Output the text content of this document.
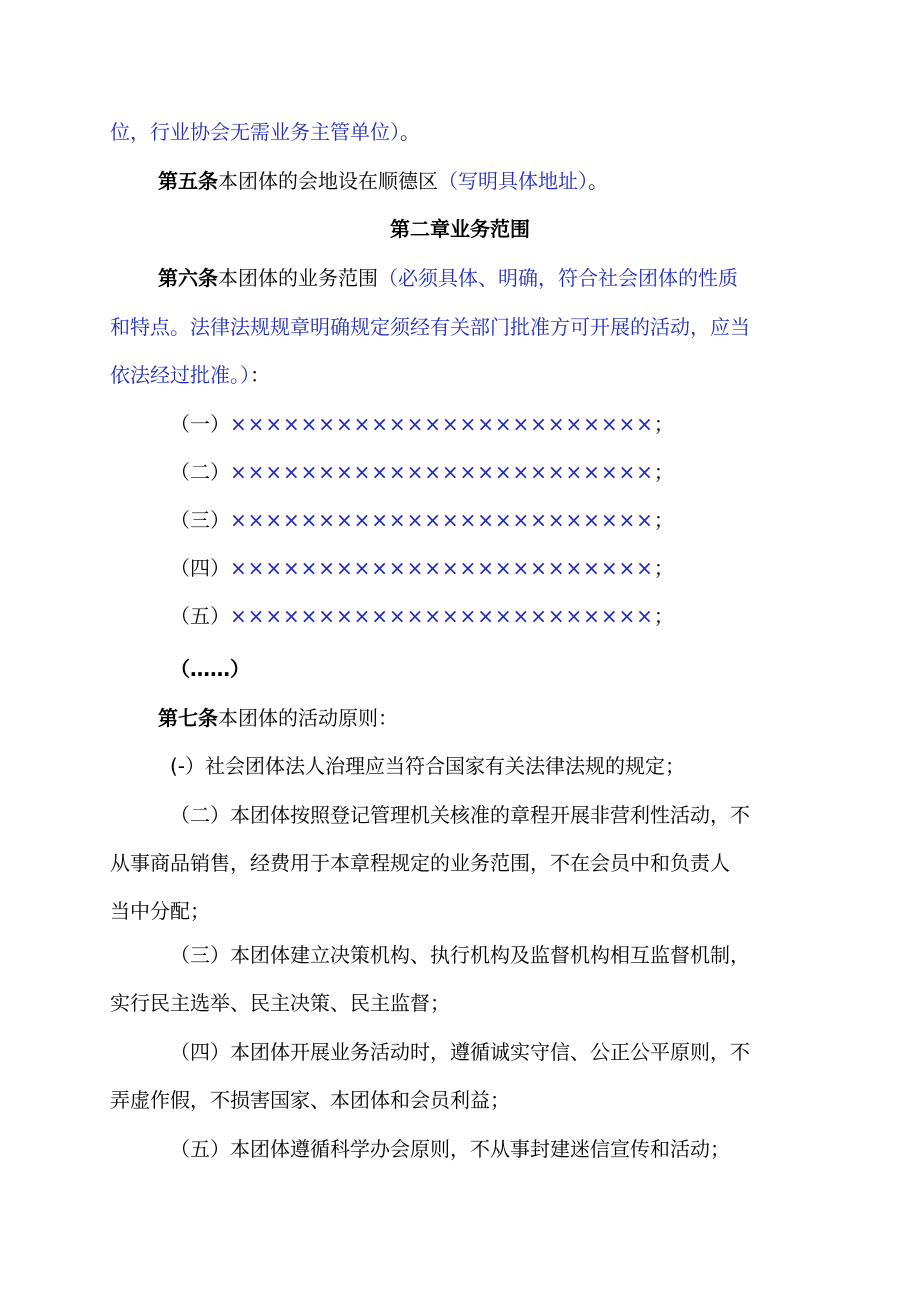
位，行业协会无需业务主管单位）。
第五条本团体的会地设在顺德区（写明具体地址）。
第二章业务范围
第六条本团体的业务范围（必须具体、明确，符合社会团体的性质
和特点。法律法规规章明确规定须经有关部门批准方可开展的活动，应当
依法经过批准。）：
（一）××××××××××××××××××××××××；
（二）××××××××××××××××××××××××；
（三）××××××××××××××××××××××××；
（四）××××××××××××××××××××××××；
（五）××××××××××××××××××××××××；
（……）
第七条本团体的活动原则：
(-）社会团体法人治理应当符合国家有关法律法规的规定；
（二）本团体按照登记管理机关核准的章程开展非营利性活动，不
从事商品销售，经费用于本章程规定的业务范围，不在会员中和负责人
当中分配；
（三）本团体建立决策机构、执行机构及监督机构相互监督机制，
实行民主选举、民主决策、民主监督；
（四）本团体开展业务活动时，遵循诚实守信、公正公平原则，不
弄虚作假，不损害国家、本团体和会员利益；
（五）本团体遵循科学办会原则，不从事封建迷信宣传和活动；
